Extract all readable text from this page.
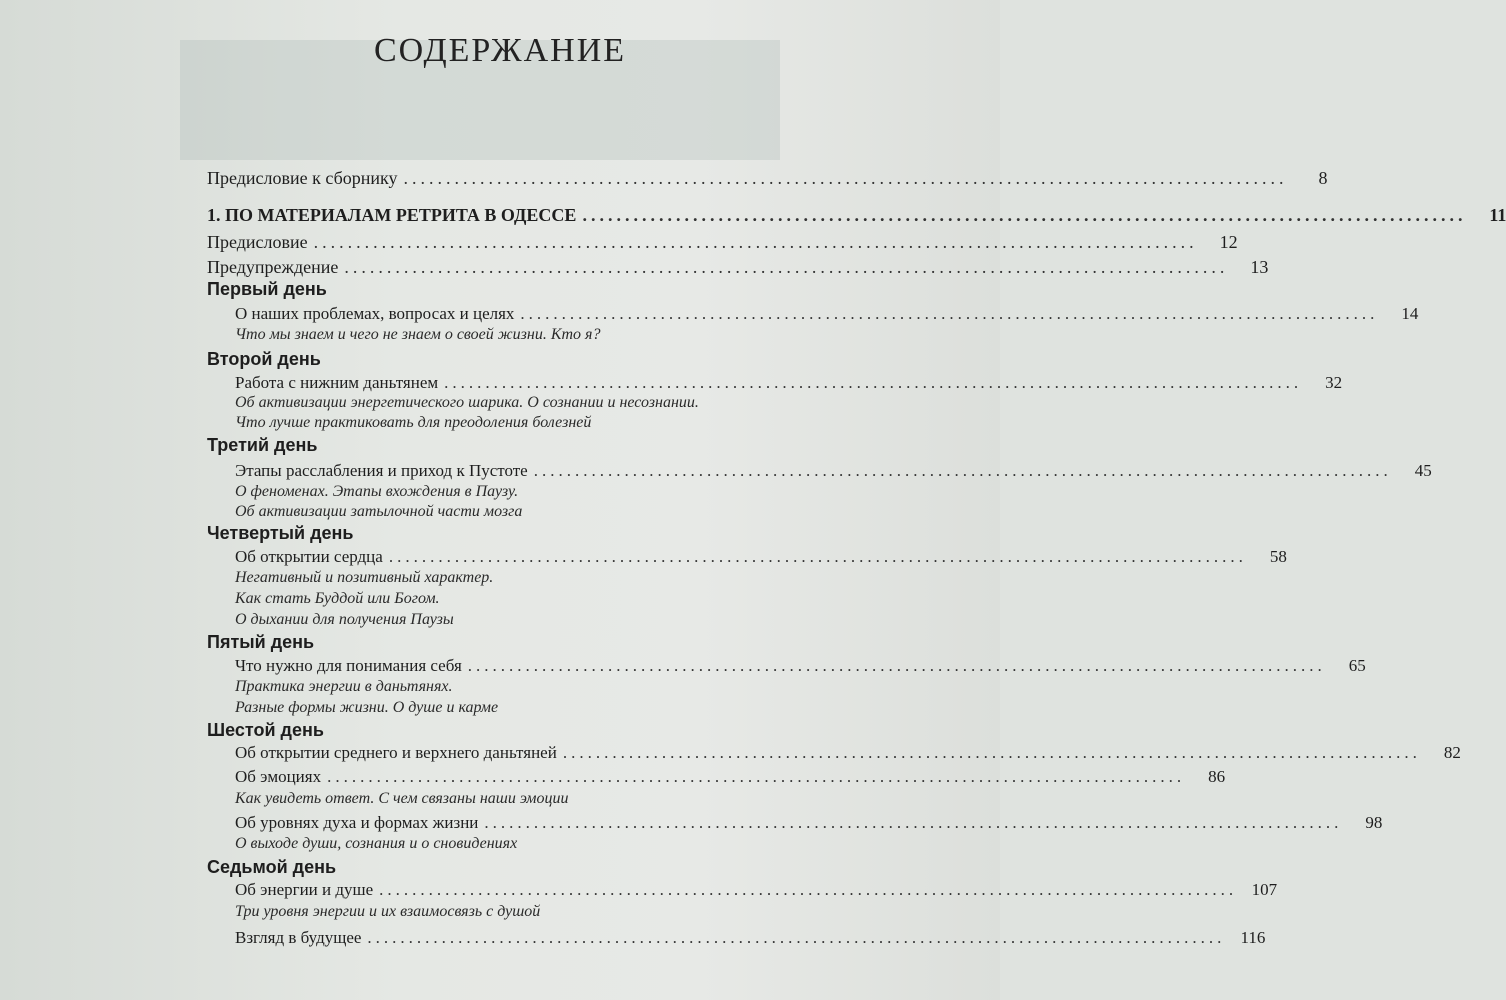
СОДЕРЖАНИЕ
Предисловие к сборнику ........................................................................................................	8
1. ПО МАТЕРИАЛАМ РЕТРИТА В ОДЕССЕ ........................................................................................................	11
Предисловие ........................................................................................................	12
Предупреждение ........................................................................................................	13
Первый день
О наших проблемах, вопросах и целях ........................................................................................................	14
Что мы знаем и чего не знаем о своей жизни. Кто я?
Второй день
Работа с нижним даньтянем ........................................................................................................	32
Об активизации энергетического шарика. О сознании и несознании.
Что лучше практиковать для преодоления болезней
Третий день
Этапы расслабления и приход к Пустоте ........................................................................................................	45
О феноменах. Этапы вхождения в Паузу.
Об активизации затылочной части мозга
Четвертый день
Об открытии сердца ........................................................................................................	58
Негативный и позитивный характер.
Как стать Буддой или Богом.
О дыхании для получения Паузы
Пятый день
Что нужно для понимания себя ........................................................................................................	65
Практика энергии в даньтянях.
Разные формы жизни. О душе и карме
Шестой день
Об открытии среднего и верхнего даньтяней ........................................................................................................	82
Об эмоциях ........................................................................................................	86
Как увидеть ответ. С чем связаны наши эмоции
Об уровнях духа и формах жизни ........................................................................................................	98
О выходе души, сознания и о сновидениях
Седьмой день
Об энергии и душе ........................................................................................................ 107
Три уровня энергии и их взаимосвязь с душой
Взгляд в будущее ........................................................................................................ 116
